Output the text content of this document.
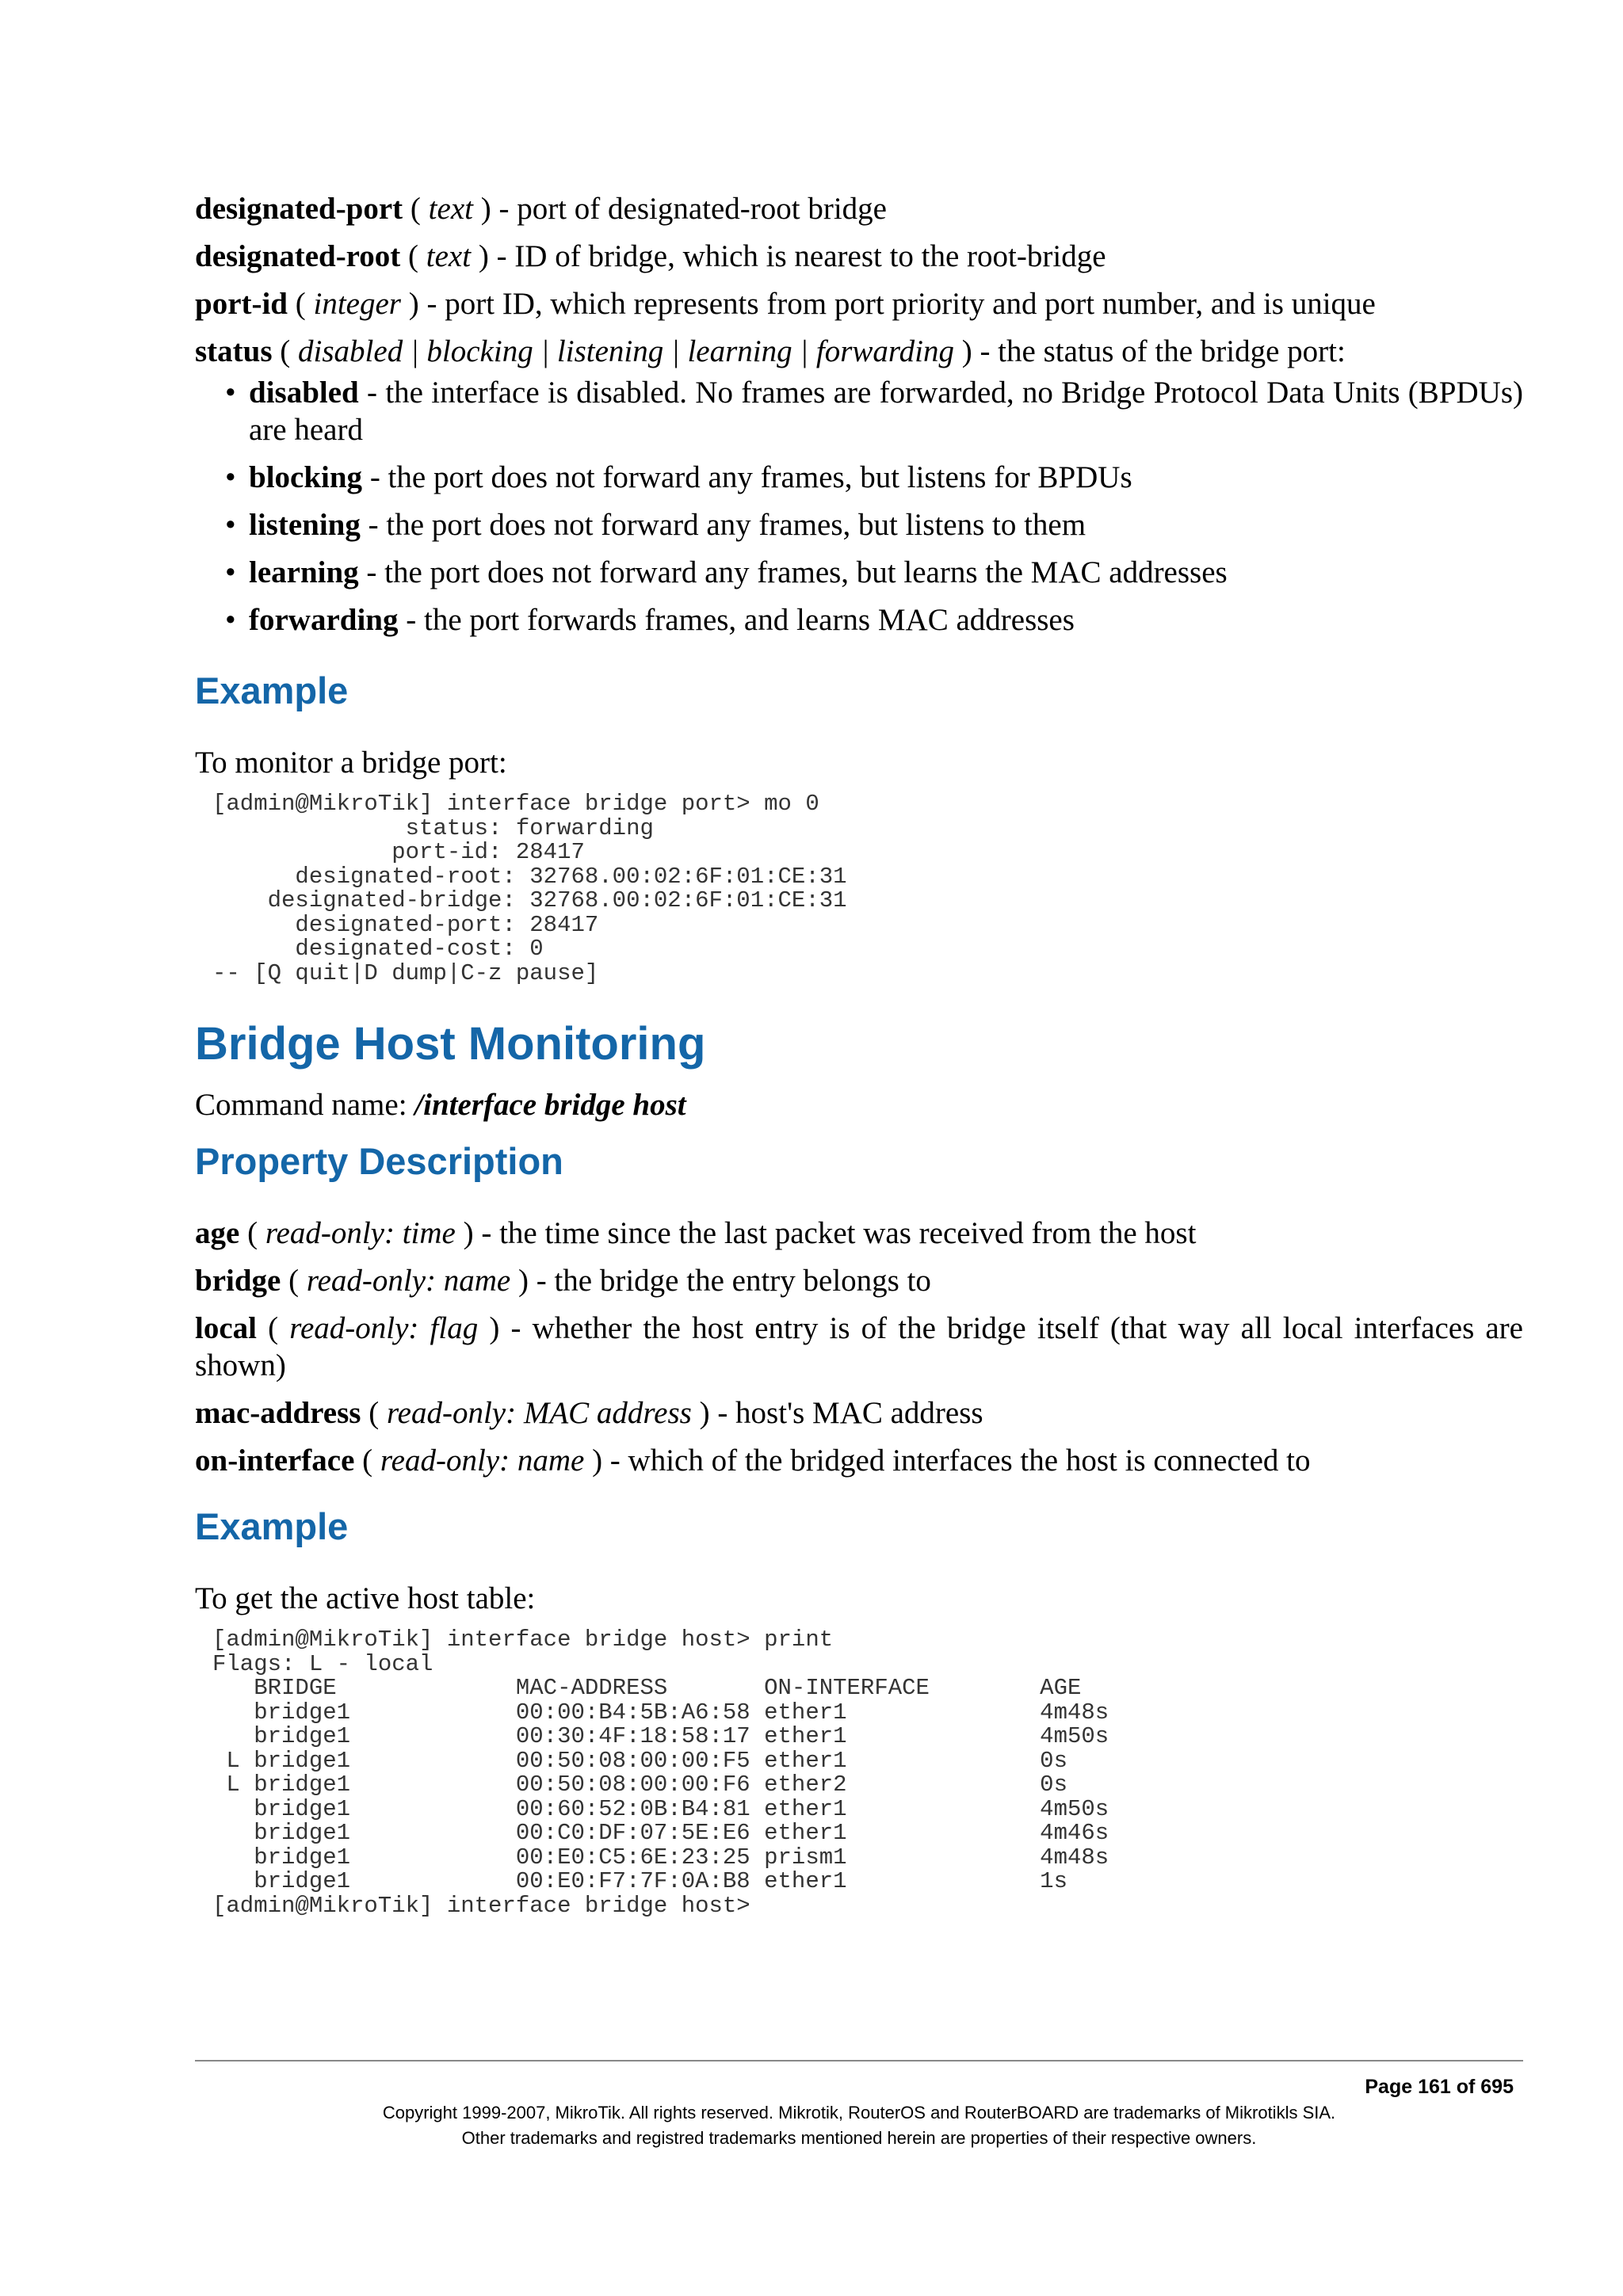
designated-port ( text ) - port of designated-root bridge

designated-root ( text ) - ID of bridge, which is nearest to the root-bridge

port-id ( integer ) - port ID, which represents from port priority and port number, and is unique

status ( disabled | blocking | listening | learning | forwarding ) - the status of the bridge port:

• disabled - the interface is disabled. No frames are forwarded, no Bridge Protocol Data Units (BPDUs) are heard
• blocking - the port does not forward any frames, but listens for BPDUs
• listening - the port does not forward any frames, but listens to them
• learning - the port does not forward any frames, but learns the MAC addresses
• forwarding - the port forwards frames, and learns MAC addresses
Example

To monitor a bridge port:

[admin@MikroTik] interface bridge port> mo 0
status: forwarding
port-id: 28417
designated-root: 32768.00:02:6F:01:CE:31
designated-bridge: 32768.00:02:6F:01:CE:31
designated-port: 28417
designated-cost: 0
-- [Q quit|D dump|C-z pause]
Bridge Host Monitoring

Command name: /interface bridge host

Property Description

age ( read-only: time ) - the time since the last packet was received from the host

bridge ( read-only: name ) - the bridge the entry belongs to

local ( read-only: flag ) - whether the host entry is of the bridge itself (that way all local interfaces are shown)

mac-address ( read-only: MAC address ) - host's MAC address

on-interface ( read-only: name ) - which of the bridged interfaces the host is connected to

Example

To get the active host table:

[admin@MikroTik] interface bridge host> print
Flags: L - local
BRIDGE             MAC-ADDRESS       ON-INTERFACE        AGE
bridge1            00:00:B4:5B:A6:58 ether1              4m48s
bridge1            00:30:4F:18:58:17 ether1              4m50s
L bridge1            00:50:08:00:00:F5 ether1              0s
L bridge1            00:50:08:00:00:F6 ether2              0s
bridge1            00:60:52:0B:B4:81 ether1              4m50s
bridge1            00:C0:DF:07:5E:E6 ether1              4m46s
bridge1            00:E0:C5:6E:23:25 prism1              4m48s
bridge1            00:E0:F7:7F:0A:B8 ether1              1s
[admin@MikroTik] interface bridge host>
Page 161 of 695
Copyright 1999-2007, MikroTik. All rights reserved. Mikrotik, RouterOS and RouterBOARD are trademarks of Mikrotikls SIA.
Other trademarks and registred trademarks mentioned herein are properties of their respective owners.
